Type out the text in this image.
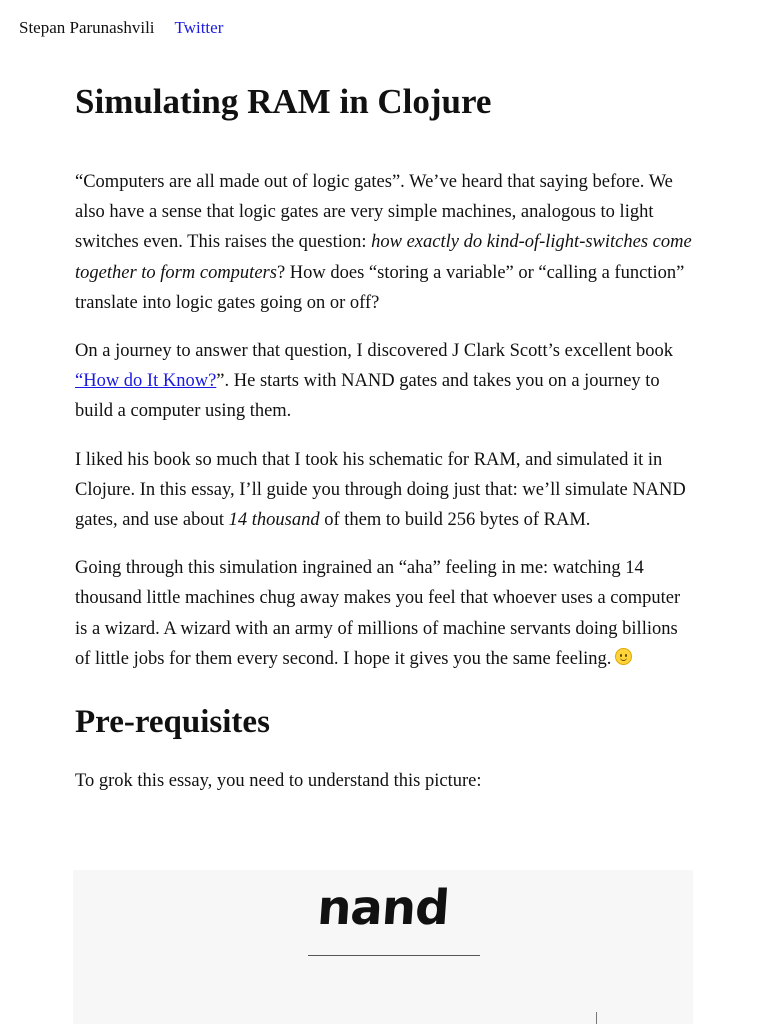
Stepan Parunashvili Twitter
Simulating RAM in Clojure

“Computers are all made out of logic gates”. We’ve heard that saying before. We also have a sense that logic gates are very simple machines, analogous to light switches even. This raises the question: how exactly do kind-of-light-switches come together to form computers? How does “storing a variable” or “calling a function” translate into logic gates going on or off?

On a journey to answer that question, I discovered J Clark Scott’s excellent book “How do It Know?”. He starts with NAND gates and takes you on a journey to build a computer using them.

I liked his book so much that I took his schematic for RAM, and simulated it in Clojure. In this essay, I’ll guide you through doing just that: we’ll simulate NAND gates, and use about 14 thousand of them to build 256 bytes of RAM.

Going through this simulation ingrained an “aha” feeling in me: watching 14 thousand little machines chug away makes you feel that whoever uses a computer is a wizard. A wizard with an army of millions of machine servants doing billions of little jobs for them every second. I hope it gives you the same feeling.

Pre-requisites

To grok this essay, you need to understand this picture:

nand
